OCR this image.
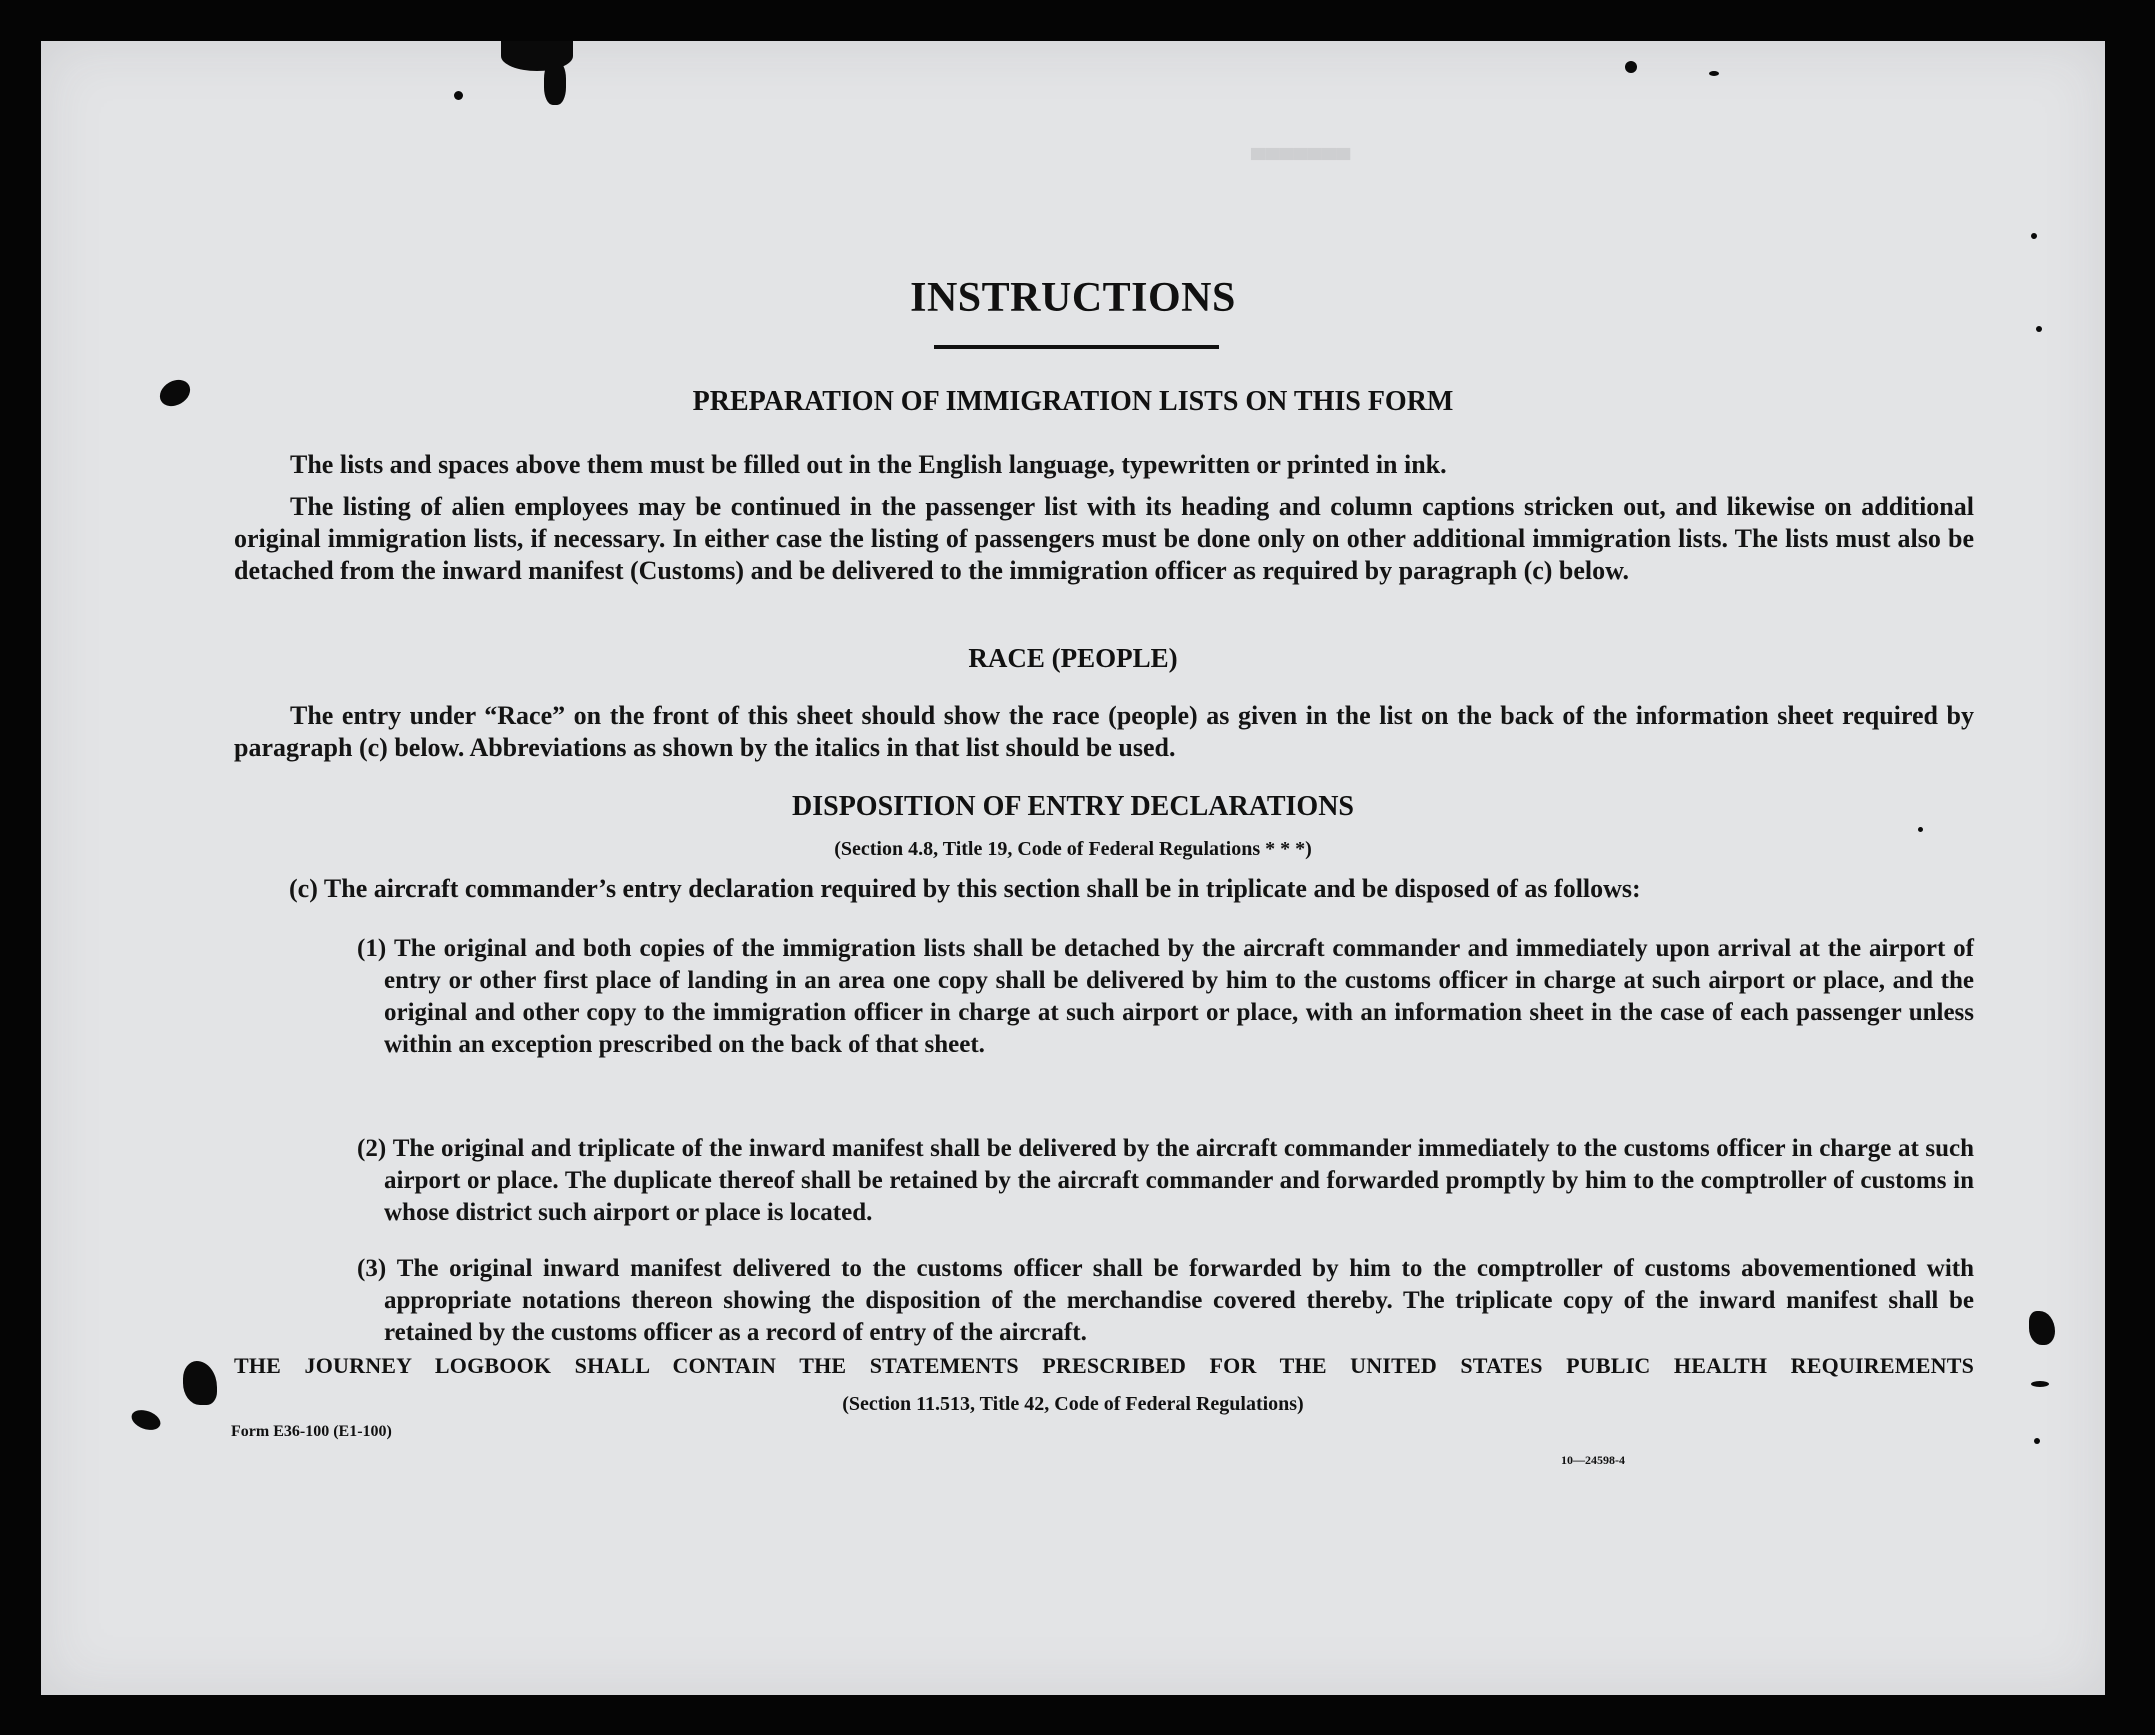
▄▄▄▄▄▄▄
INSTRUCTIONS
PREPARATION OF IMMIGRATION LISTS ON THIS FORM
The lists and spaces above them must be filled out in the English language, typewritten or printed in ink.
The listing of alien employees may be continued in the passenger list with its heading and column captions stricken out, and likewise on additional original immigration lists, if necessary. In either case the listing of passengers must be done only on other additional immigration lists. The lists must also be detached from the inward manifest (Customs) and be delivered to the immigration officer as required by paragraph (c) below.
RACE (PEOPLE)
The entry under “Race” on the front of this sheet should show the race (people) as given in the list on the back of the information sheet required by paragraph (c) below. Abbreviations as shown by the italics in that list should be used.
DISPOSITION OF ENTRY DECLARATIONS
(Section 4.8, Title 19, Code of Federal Regulations * * *)
(c) The aircraft commander’s entry declaration required by this section shall be in triplicate and be disposed of as follows:
(1) The original and both copies of the immigration lists shall be detached by the aircraft commander and immediately upon arrival at the airport of entry or other first place of landing in an area one copy shall be delivered by him to the customs officer in charge at such airport or place, and the original and other copy to the immigration officer in charge at such airport or place, with an information sheet in the case of each passenger unless within an exception prescribed on the back of that sheet.
(2) The original and triplicate of the inward manifest shall be delivered by the aircraft commander immediately to the customs officer in charge at such airport or place. The duplicate thereof shall be retained by the aircraft commander and forwarded promptly by him to the comptroller of customs in whose district such airport or place is located.
(3) The original inward manifest delivered to the customs officer shall be forwarded by him to the comptroller of customs abovementioned with appropriate notations thereon showing the disposition of the merchandise covered thereby. The triplicate copy of the inward manifest shall be retained by the customs officer as a record of entry of the aircraft.
THE JOURNEY LOGBOOK SHALL CONTAIN THE STATEMENTS PRESCRIBED FOR THE UNITED STATES PUBLIC HEALTH REQUIREMENTS
(Section 11.513, Title 42, Code of Federal Regulations)
Form E36-100 (E1-100)
10—24598-4
